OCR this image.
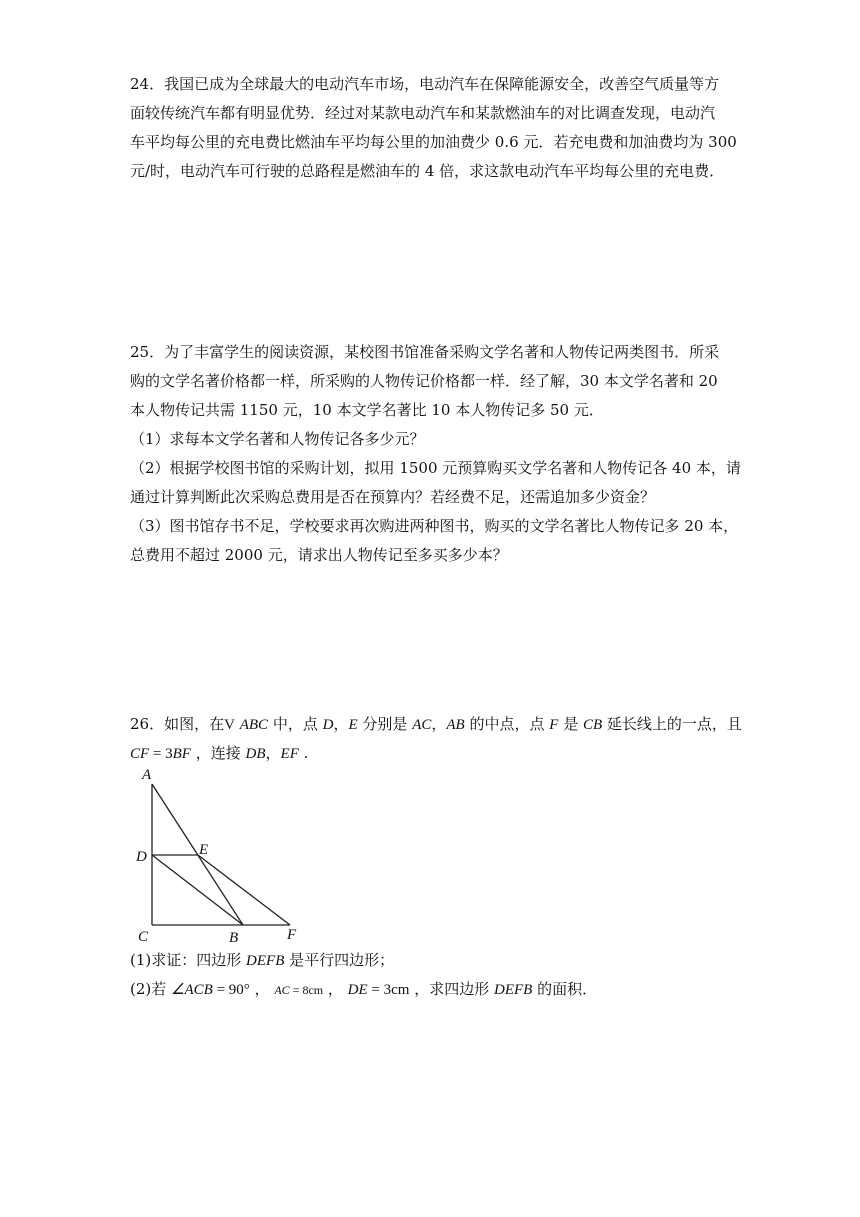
24．我国已成为全球最大的电动汽车市场，电动汽车在保障能源安全，改善空气质量等方
面较传统汽车都有明显优势．经过对某款电动汽车和某款燃油车的对比调查发现，电动汽
车平均每公里的充电费比燃油车平均每公里的加油费少 0.6 元．若充电费和加油费均为 300
元/时，电动汽车可行驶的总路程是燃油车的 4 倍，求这款电动汽车平均每公里的充电费．
25．为了丰富学生的阅读资源，某校图书馆准备采购文学名著和人物传记两类图书．所采
购的文学名著价格都一样，所采购的人物传记价格都一样．经了解，30 本文学名著和 20
本人物传记共需 1150 元，10 本文学名著比 10 本人物传记多 50 元．
（1）求每本文学名著和人物传记各多少元？
（2）根据学校图书馆的采购计划，拟用 1500 元预算购买文学名著和人物传记各 40 本，请
通过计算判断此次采购总费用是否在预算内？若经费不足，还需追加多少资金？
（3）图书馆存书不足，学校要求再次购进两种图书，购买的文学名著比人物传记多 20 本，
总费用不超过 2000 元，请求出人物传记至多买多少本？
26．如图，在V ABC 中，点 D，E 分别是 AC，AB 的中点，点 F 是 CB 延长线上的一点，且
CF = 3BF ，连接 DB，EF .
A
D	E
C	B	F
(1)求证：四边形 DEFB 是平行四边形；
(2)若 ∠ACB = 90° ， AC = 8cm ， DE = 3cm ，求四边形 DEFB 的面积．
